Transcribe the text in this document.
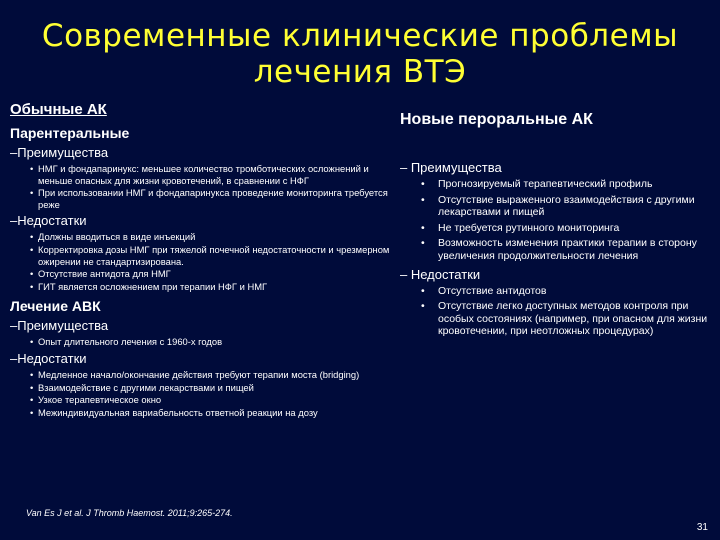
Современные клинические проблемы
лечения ВТЭ
Обычные АК
Парентеральные
–Преимущества
• НМГ и фондапаринукс: меньшее количество тромботических осложнений и меньше опасных для жизни кровотечений, в сравнении с НФГ
• При использовании НМГ и фондапаринукса проведение мониторинга требуется реже
–Недостатки
• Должны вводиться в виде инъекций
• Корректировка дозы НМГ при тяжелой почечной недостаточности и чрезмерном ожирении не стандартизирована.
• Отсутствие антидота для НМГ
• ГИТ является осложнением при терапии НФГ и НМГ
Лечение АВК
–Преимущества
• Опыт длительного лечения с 1960-х годов
–Недостатки
• Медленное начало/окончание действия требуют терапии моста (bridging)
• Взаимодействие с другими лекарствами и пищей
• Узкое терапевтическое окно
• Межиндивидуальная вариабельность ответной реакции на дозу
Новые пероральные АК
– Преимущества
• Прогнозируемый терапевтический профиль
• Отсутствие выраженного взаимодействия с другими лекарствами и пищей
• Не требуется рутинного мониторинга
• Возможность изменения практики терапии в сторону увеличения продолжительности лечения
– Недостатки
• Отсутствие антидотов
• Отсутствие легко доступных методов контроля при особых состояниях (например, при опасном для жизни кровотечении, при неотложных процедурах)
Van Es J et al. J Thromb Haemost. 2011;9:265-274.
31
